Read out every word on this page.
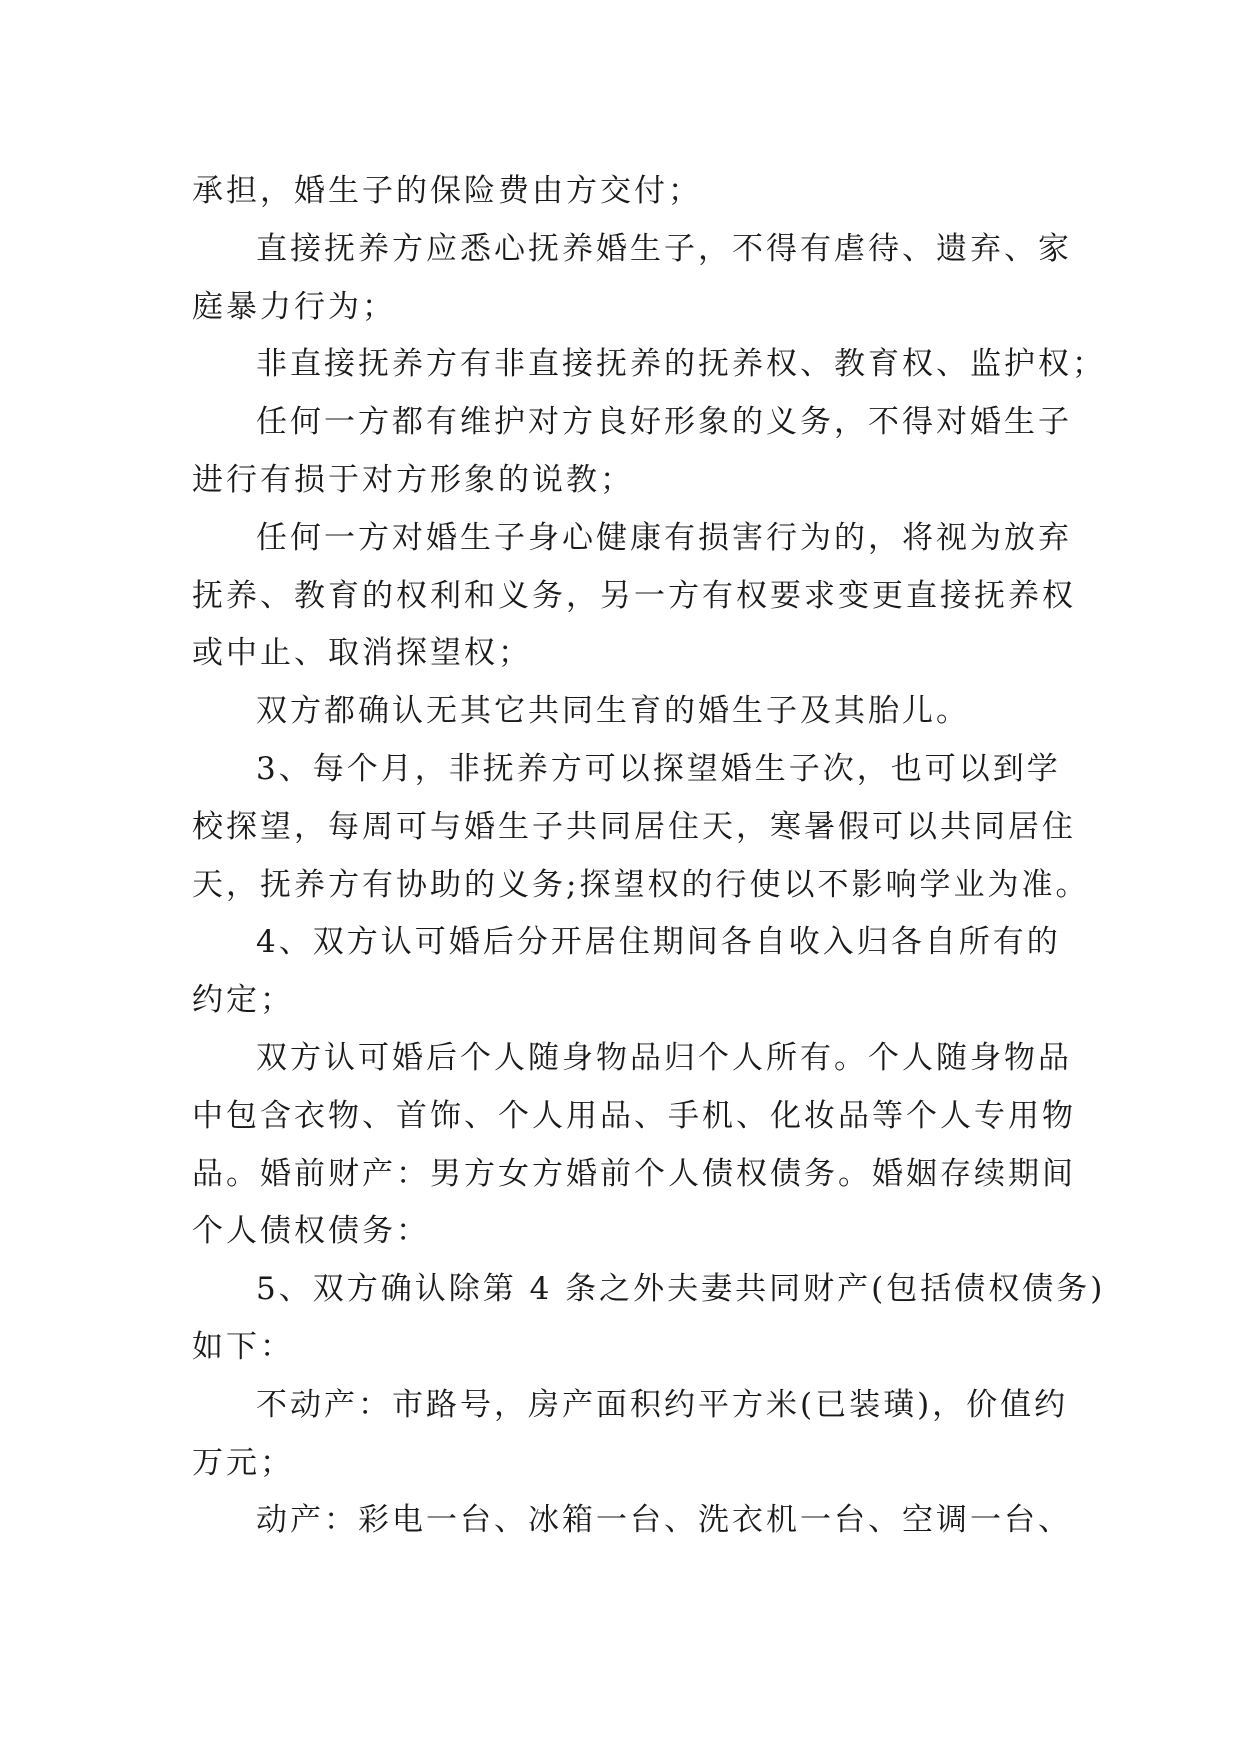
承担，婚生子的保险费由方交付；
直接抚养方应悉心抚养婚生子，不得有虐待、遗弃、家
庭暴力行为；
非直接抚养方有非直接抚养的抚养权、教育权、监护权；
任何一方都有维护对方良好形象的义务，不得对婚生子
进行有损于对方形象的说教；
任何一方对婚生子身心健康有损害行为的，将视为放弃
抚养、教育的权利和义务，另一方有权要求变更直接抚养权
或中止、取消探望权；
双方都确认无其它共同生育的婚生子及其胎儿。
3、每个月，非抚养方可以探望婚生子次，也可以到学
校探望，每周可与婚生子共同居住天，寒暑假可以共同居住
天，抚养方有协助的义务;探望权的行使以不影响学业为准。
4、双方认可婚后分开居住期间各自收入归各自所有的
约定；
双方认可婚后个人随身物品归个人所有。个人随身物品
中包含衣物、首饰、个人用品、手机、化妆品等个人专用物
品。婚前财产：男方女方婚前个人债权债务。婚姻存续期间
个人债权债务：
5、双方确认除第 4 条之外夫妻共同财产(包括债权债务)
如下：
不动产：市路号，房产面积约平方米(已装璜)，价值约
万元；
动产：彩电一台、冰箱一台、洗衣机一台、空调一台、
